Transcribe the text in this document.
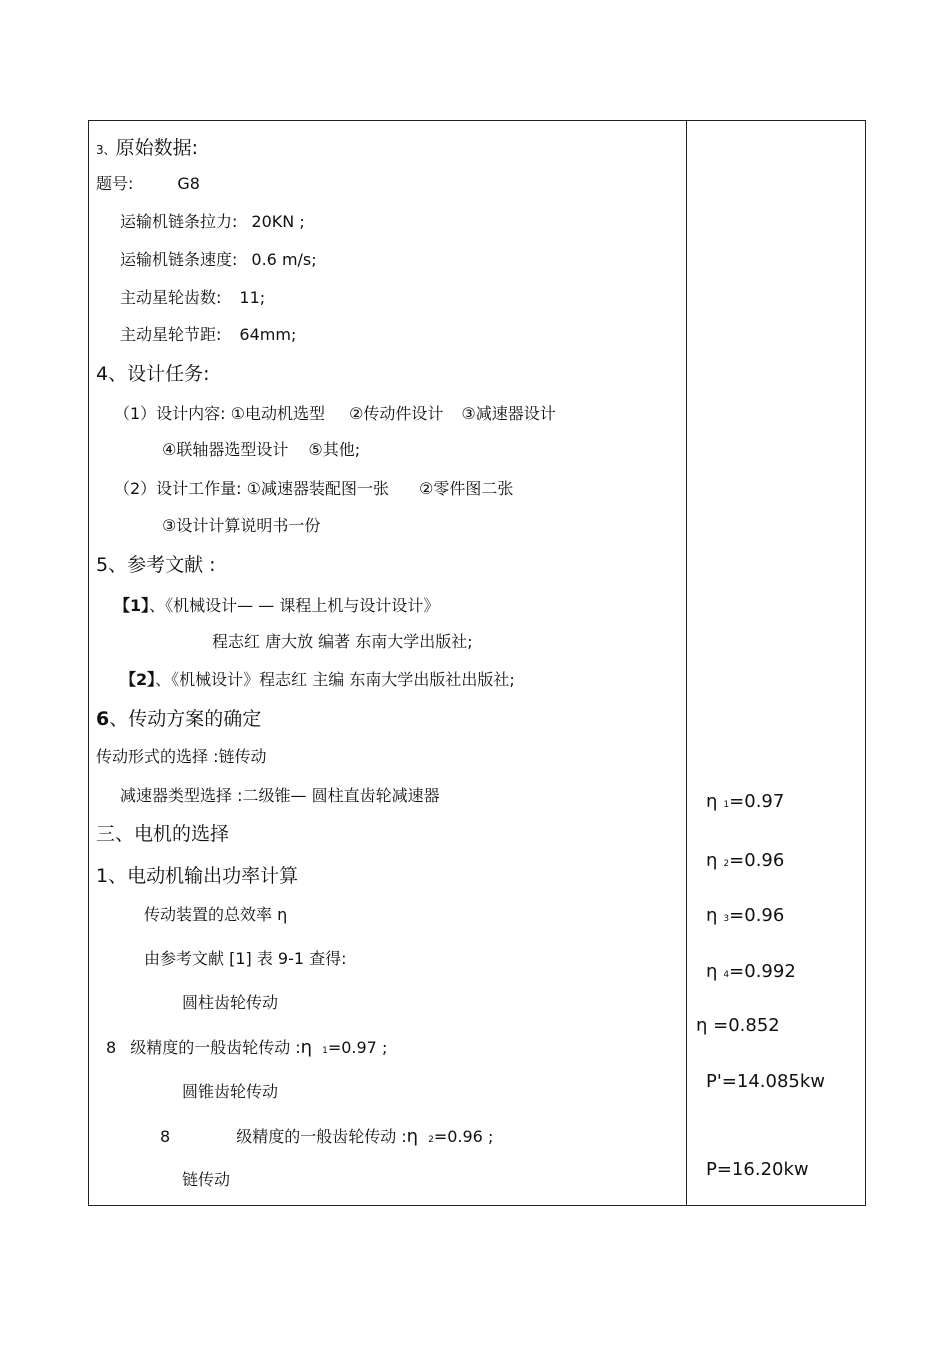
3、原始数据:
题号:	G8
运输机链条拉力: 20KN ;
运输机链条速度: 0.6 m/s;
主动星轮齿数: 11;
主动星轮节距: 64mm;
4、设计任务:
（1）设计内容: ①电动机选型 ②传动件设计 ③减速器设计
④联轴器选型设计 ⑤其他;
（2）设计工作量: ①减速器装配图一张 ②零件图二张
③设计计算说明书一份
5、参考文献 :
【1】、《机械设计— — 课程上机与设计设计》
程志红 唐大放 编著 东南大学出版社;
【2】、《机械设计》程志红 主编 东南大学出版社出版社;
6、传动方案的确定
传动形式的选择 :链传动
减速器类型选择 :二级锥— 圆柱直齿轮减速器
三、电机的选择
1、电动机输出功率计算
传动装置的总效率 η
由参考文献 [1] 表 9-1 查得:
圆柱齿轮传动
8 级精度的一般齿轮传动 :η 1=0.97 ;
圆锥齿轮传动
8	级精度的一般齿轮传动 :η 2=0.96 ;
链传动
η 1=0.97
η 2=0.96
η 3=0.96
η 4=0.992
η =0.852
P'=14.085kw
P=16.20kw
